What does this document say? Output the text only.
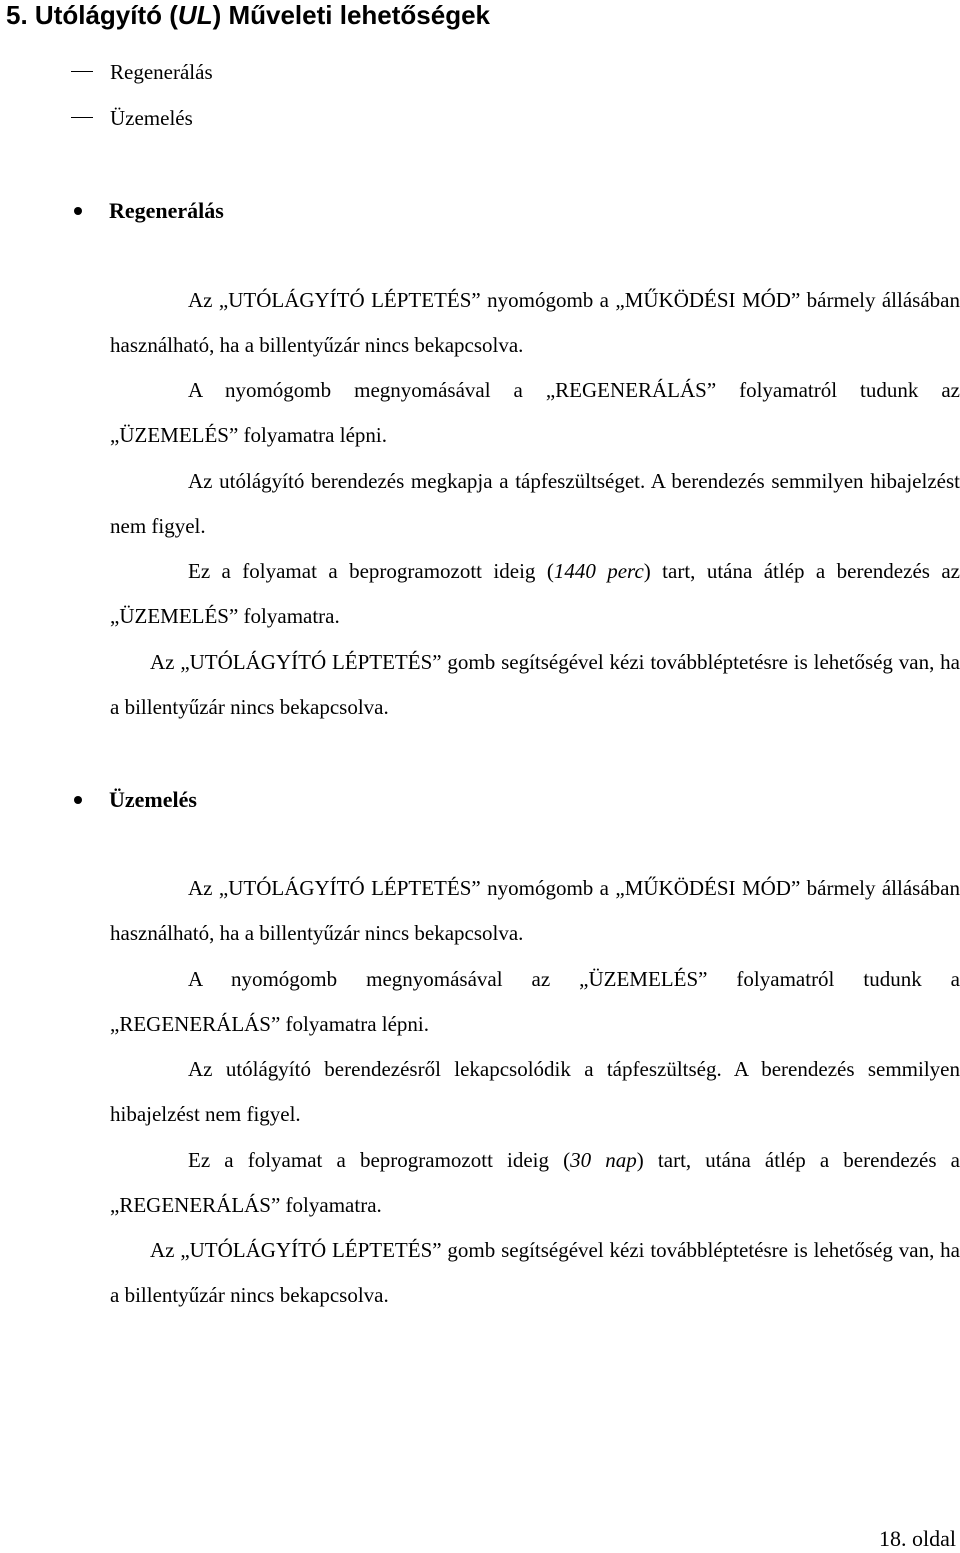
5. Utólágyító (UL) Műveleti lehetőségek
Regenerálás
Üzemelés
Regenerálás

Az „UTÓLÁGYÍTÓ LÉPTETÉS” nyomógomb a „MŰKÖDÉSI MÓD” bármely állásában használható, ha a billentyűzár nincs bekapcsolva.

A nyomógomb megnyomásával a „REGENERÁLÁS” folyamatról tudunk az „ÜZEMELÉS” folyamatra lépni.

Az utólágyító berendezés megkapja a tápfeszültséget. A berendezés semmilyen hibajelzést nem figyel.

Ez a folyamat a beprogramozott ideig (1440 perc) tart, utána átlép a berendezés az „ÜZEMELÉS” folyamatra.

Az „UTÓLÁGYÍTÓ LÉPTETÉS” gomb segítségével kézi továbbléptetésre is lehetőség van, ha a billentyűzár nincs bekapcsolva.

Üzemelés

Az „UTÓLÁGYÍTÓ LÉPTETÉS” nyomógomb a „MŰKÖDÉSI MÓD” bármely állásában használható, ha a billentyűzár nincs bekapcsolva.

A nyomógomb megnyomásával az „ÜZEMELÉS” folyamatról tudunk a „REGENERÁLÁS” folyamatra lépni.

Az utólágyító berendezésről lekapcsolódik a tápfeszültség. A berendezés semmilyen hibajelzést nem figyel.

Ez a folyamat a beprogramozott ideig (30 nap) tart, utána átlép a berendezés a „REGENERÁLÁS” folyamatra.

Az „UTÓLÁGYÍTÓ LÉPTETÉS” gomb segítségével kézi továbbléptetésre is lehetőség van, ha a billentyűzár nincs bekapcsolva.

18. oldal
